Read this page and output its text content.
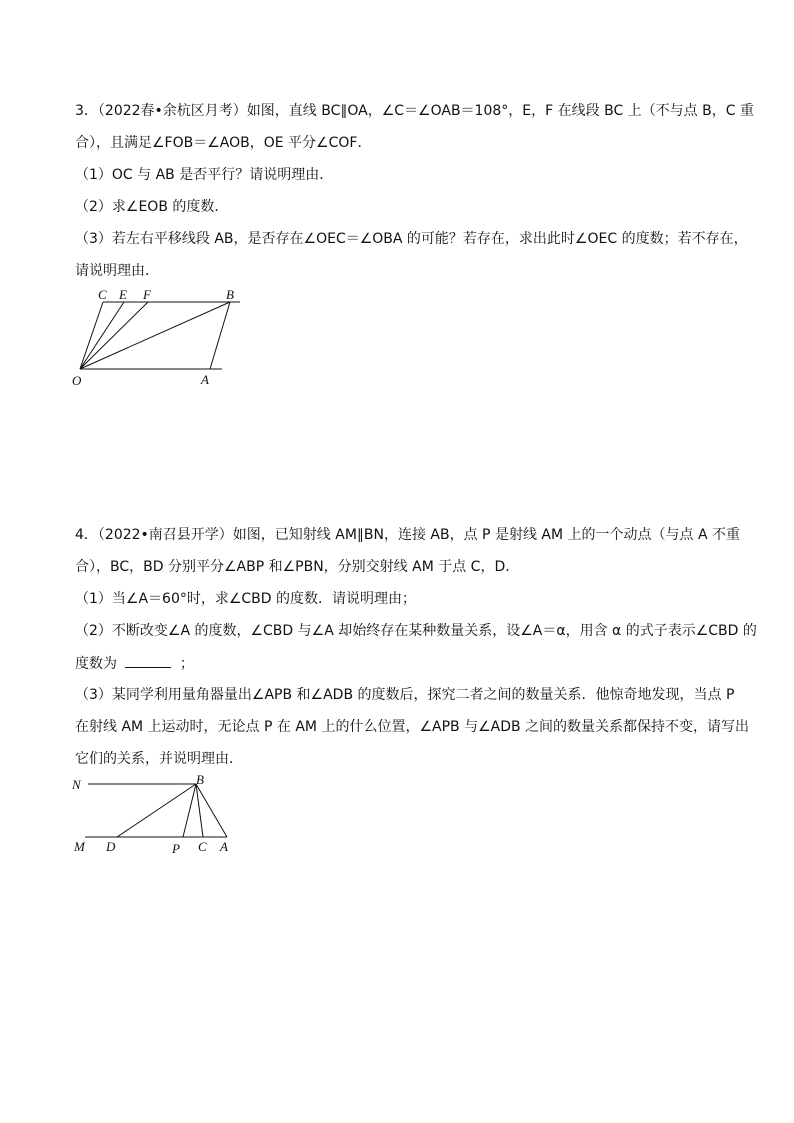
3．（2022春•余杭区月考）如图，直线 BC∥OA，∠C＝∠OAB＝108°，E，F 在线段 BC 上（不与点 B，C 重
合），且满足∠FOB＝∠AOB，OE 平分∠COF．
（1）OC 与 AB 是否平行？请说明理由．
（2）求∠EOB 的度数．
（3）若左右平移线段 AB，是否存在∠OEC＝∠OBA 的可能？若存在，求出此时∠OEC 的度数；若不存在，
请说明理由．
C E F	B
O	A
4．（2022•南召县开学）如图，已知射线 AM∥BN，连接 AB，点 P 是射线 AM 上的一个动点（与点 A 不重
合），BC，BD 分别平分∠ABP 和∠PBN，分别交射线 AM 于点 C，D．
（1）当∠A＝60°时，求∠CBD 的度数．请说明理由；
（2）不断改变∠A 的度数，∠CBD 与∠A 却始终存在某种数量关系，设∠A＝α，用含 α 的式子表示∠CBD 的
度数为	；
（3）某同学利用量角器量出∠APB 和∠ADB 的度数后，探究二者之间的数量关系．他惊奇地发现，当点 P
在射线 AM 上运动时，无论点 P 在 AM 上的什么位置，∠APB 与∠ADB 之间的数量关系都保持不变，请写出
它们的关系，并说明理由．
N	B
M D	P C A
